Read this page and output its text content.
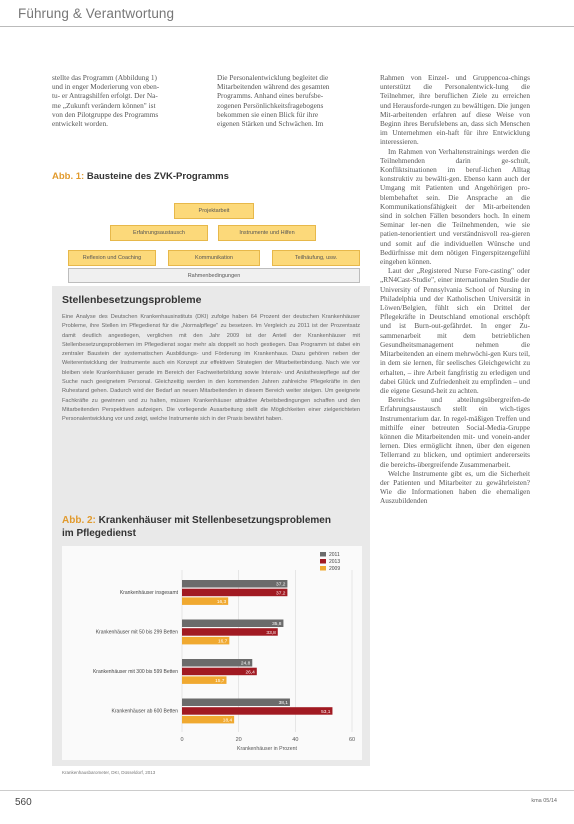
Führung & Verantwortung

stellte das Programm (Abbildung 1)

und in enger Moderierung von eben-

tu- er Antragshilfen erfolgt. Der Na-

me „Zukunft verändern können" ist

von den Pilotgruppe des Programms

entwickelt worden.

Die Personalentwicklung begleitet die

Mitarbeitenden während des gesamten

Programms. Anhand eines berufsbe-

zogenen Persönlichkeitsfragebogens

bekommen sie einen Blick für ihre

eigenen Stärken und Schwächen. Im

Rahmen von Einzel- und Gruppencoa-chings unterstützt die Personalentwick-lung die Teilnehmer, ihre beruflichen Ziele zu erreichen und Herausforde-rungen zu bewältigen. Die jungen Mit-arbeitenden erfahren auf diese Weise von Beginn ihres Berufslebens an, dass sich Menschen im Unternehmen ein-haft für ihre Entwicklung interessieren.

Im Rahmen von Verhaltenstrainings werden die Teilnehmenden darin ge-schult, Konfliktsituationen im beruf-lichen Alltag konstruktiv zu bewälti-gen. Ebenso kann auch der Umgang mit Patienten und Angehörigen pro-blembehaftet sein. Die Ansprache an die Kommunikationsfähigkeit der Mit-arbeitenden sind in solchen Fällen besonders hoch. In einem Seminar ler-nen die Teilnehmenden, wie sie patien-tenorientiert und verständnisvoll rea-gieren und somit auf die individuellen Wünsche und Bedürfnisse mit dem nötigen Fingerspitzengefühl eingehen können.

Laut der „Registered Nurse Fore-casting" oder „RN4Cast-Studie", einer internationalen Studie der University of Pennsylvania School of Nursing in Philadelphia und der Katholischen Universität in Löwen/Belgien, fühlt sich ein Drittel der Pflegekräfte in Deutschland emotional erschöpft und ist Burn-out-gefährdet. In enger Zu-sammenarbeit mit dem betrieblichen Gesundheitsmanagement nehmen die Mitarbeitenden an einem mehrwöchi-gen Kurs teil, in dem sie lernen, für seelisches Gleichgewicht zu erhalten, – ihre Arbeit fangfristig zu erledigen und dabei Glück und Zufriedenheit zu empfinden – und die eigene Gesund-heit zu achten.

Bereichs- und abteilungsübergreifen-de Erfahrungsaustausch stellt ein wich-tiges Instrumentarium dar. In regel-mäßigen Treffen und mithilfe einer betreuten Social-Media-Gruppe können die Mitarbeitenden mit- und vonein-ander lernen. Dies ermöglicht ihnen, über den eigenen Tellerrand zu blicken, und optimiert andererseits die bereichs-übergreifende Zusammenarbeit.

Welche Instrumente gibt es, um die Sicherheit der Patienten und Mitarbeiter zu gewährleisten? Wie die Informationen haben die ehemaligen Auszubildenden

Abb. 1: Bausteine des ZVK-Programms
Projektarbeit
Erfahrungsaustausch	Instrumente und Hilfen
Reflexion und Coaching	Kommunikation	Teilhäufung, usw.
Rahmenbedingungen
Stellenbesetzungsprobleme
Eine Analyse des Deutschen Krankenhausinstituts (DKI) zufolge haben 64 Prozent der deutschen Krankenhäuser Probleme, ihre Stellen im Pflegedienst für die „Normalpflege" zu besetzen. Im Vergleich zu 2011 ist der Prozentsatz damit deutlich angestiegen, verglichen mit den Jahr 2009 ist der Anteil der Krankenhäuser mit Stellenbesetzungsproblemen im Pflegedienst sogar mehr als doppelt so hoch gestiegen. Das Programm ist dabei ein zentraler Baustein der systematischen Ausbildungs- und Förderung im Krankenhaus. Dazu gehören neben der Weiterentwicklung der Instrumente auch ein Konzept zur effektiven Strategien der Mitarbeiterbindung. Nach wie vor bleiben viele Krankenhäuser gerade im Bereich der Fachweiterbildung sowie Intensiv- und Anästhesiepflege auf der Suche nach geeignetem Personal. Gleichzeitig werden in den kommenden Jahren zahlreiche Pflegekräfte in den Ruhestand gehen. Dadurch wird der Bedarf an neuen Mitarbeitenden in diesem Bereich weiter steigen. Um geeignete Fachkräfte zu gewinnen und zu halten, müssen Krankenhäuser attraktive Arbeitsbedingungen schaffen und den Mitarbeitenden Perspektiven aufzeigen. Die vorliegende Ausarbeitung stellt die Möglichkeiten einer zielgerichteten Personalentwicklung vor und zeigt, welche Instrumente sich in der Praxis bewährt haben.
Abb. 2: Krankenhäuser mit Stellenbesetzungsproblemen
im Pflegedienst
0	20	40	60
Krankenhäuser in Prozent
2011
2013
2009
Krankenhäuser insgesamt
37,2
37,2
16,3
Krankenhäuser mit 50 bis 299 Betten
35,8
33,8
16,7
Krankenhäuser mit 300 bis 599 Betten
24,8
26,4
15,7
Krankenhäuser ab 600 Betten
38,1
53,1
18,4
Krankenhausbarometer, DKI, Düsseldorf, 2013
560	kma 05/14
